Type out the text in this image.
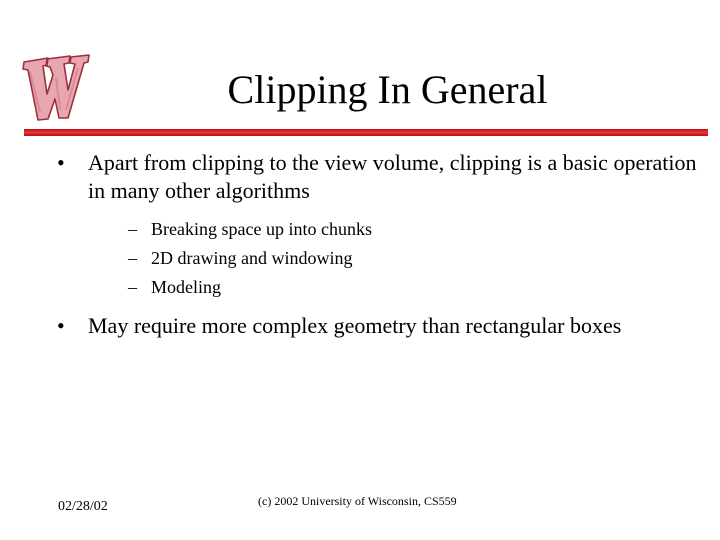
Clipping In General
• Apart from clipping to the view volume, clipping is a basic operation in many other algorithms
– Breaking space up into chunks
– 2D drawing and windowing
– Modeling
• May require more complex geometry than rectangular boxes
02/28/02	(c) 2002 University of Wisconsin, CS559
